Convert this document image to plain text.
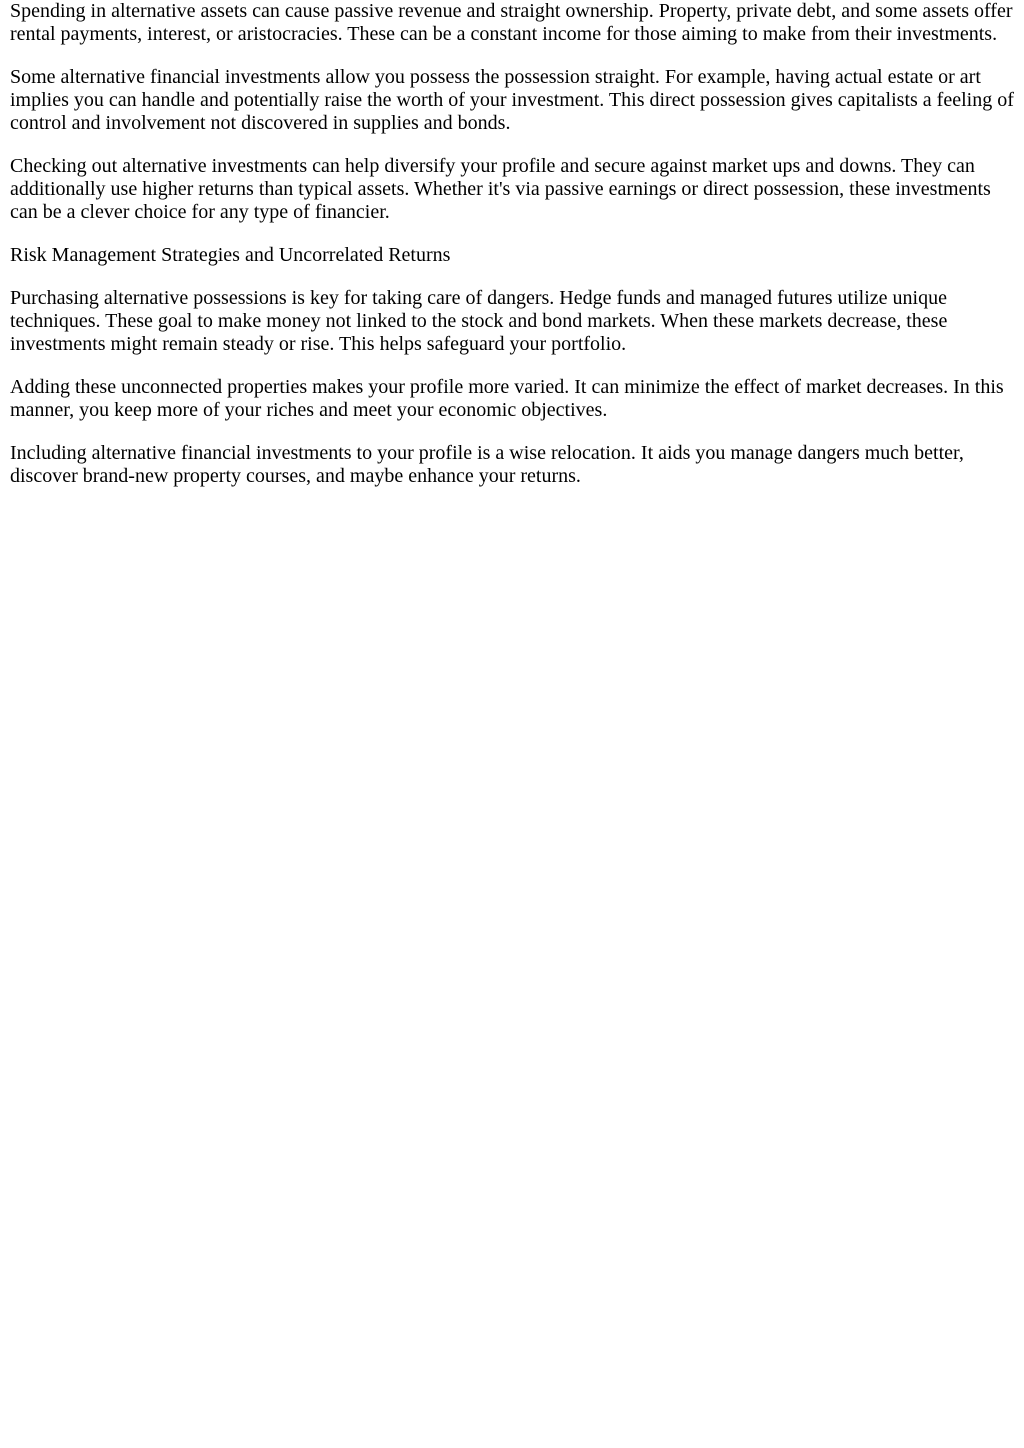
Spending in alternative assets can cause passive revenue and straight ownership. Property, private debt, and some assets offer rental payments, interest, or aristocracies. These can be a constant income for those aiming to make from their investments.

Some alternative financial investments allow you possess the possession straight. For example, having actual estate or art implies you can handle and potentially raise the worth of your investment. This direct possession gives capitalists a feeling of control and involvement not discovered in supplies and bonds.

Checking out alternative investments can help diversify your profile and secure against market ups and downs. They can additionally use higher returns than typical assets. Whether it's via passive earnings or direct possession, these investments can be a clever choice for any type of financier.

Risk Management Strategies and Uncorrelated Returns

Purchasing alternative possessions is key for taking care of dangers. Hedge funds and managed futures utilize unique techniques. These goal to make money not linked to the stock and bond markets. When these markets decrease, these investments might remain steady or rise. This helps safeguard your portfolio.

Adding these unconnected properties makes your profile more varied. It can minimize the effect of market decreases. In this manner, you keep more of your riches and meet your economic objectives.

Including alternative financial investments to your profile is a wise relocation. It aids you manage dangers much better, discover brand-new property courses, and maybe enhance your returns.
